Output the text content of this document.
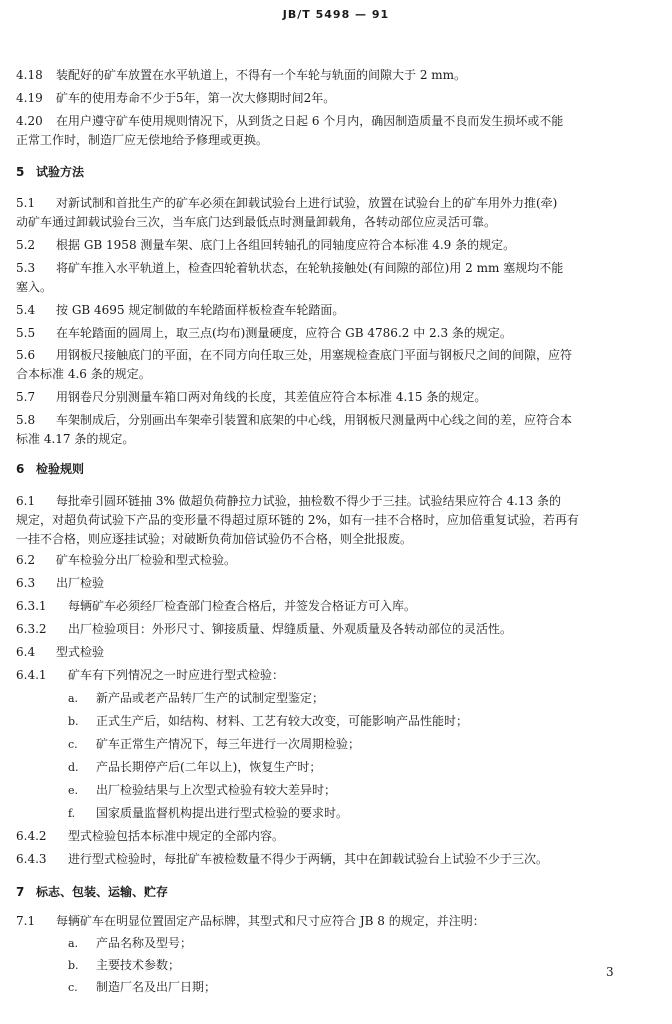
JB/T 5498 — 91
4.18 装配好的矿车放置在水平轨道上，不得有一个车轮与轨面的间隙大于 2 mm。
4.19 矿车的使用寿命不少于5年，第一次大修期时间2年。
4.20 在用户遵守矿车使用规则情况下，从到货之日起 6 个月内，确因制造质量不良而发生损坏或不能
正常工作时，制造厂应无偿地给予修理或更换。
5 试验方法
5.1 对新试制和首批生产的矿车必须在卸载试验台上进行试验，放置在试验台上的矿车用外力推(牵)
动矿车通过卸载试验台三次，当车底门达到最低点时测量卸载角，各转动部位应灵活可靠。
5.2 根据 GB 1958 测量车架、底门上各组回转轴孔的同轴度应符合本标准 4.9 条的规定。
5.3 将矿车推入水平轨道上，检查四轮着轨状态，在轮轨接触处(有间隙的部位)用 2 mm 塞规均不能
塞入。
5.4 按 GB 4695 规定制做的车轮踏面样板检查车轮踏面。
5.5 在车轮踏面的圆周上，取三点(均布)测量硬度，应符合 GB 4786.2 中 2.3 条的规定。
5.6 用钢板尺接触底门的平面，在不同方向任取三处，用塞规检查底门平面与钢板尺之间的间隙，应符
合本标准 4.6 条的规定。
5.7 用钢卷尺分别测量车箱口两对角线的长度，其差值应符合本标准 4.15 条的规定。
5.8 车架制成后，分别画出车架牵引装置和底架的中心线，用钢板尺测量两中心线之间的差，应符合本
标准 4.17 条的规定。
6 检验规则
6.1 每批牵引圆环链抽 3% 做超负荷静拉力试验，抽检数不得少于三挂。试验结果应符合 4.13 条的
规定，对超负荷试验下产品的变形量不得超过原环链的 2%，如有一挂不合格时，应加倍重复试验，若再有
一挂不合格，则应逐挂试验；对破断负荷加倍试验仍不合格，则全批报废。
6.2 矿车检验分出厂检验和型式检验。
6.3 出厂检验
6.3.1 每辆矿车必须经厂检查部门检查合格后，并签发合格证方可入库。
6.3.2 出厂检验项目：外形尺寸、铆接质量、焊缝质量、外观质量及各转动部位的灵活性。
6.4 型式检验
6.4.1 矿车有下列情况之一时应进行型式检验：
a. 新产品或老产品转厂生产的试制定型鉴定；
b. 正式生产后，如结构、材料、工艺有较大改变，可能影响产品性能时；
c. 矿车正常生产情况下，每三年进行一次周期检验；
d. 产品长期停产后(二年以上)，恢复生产时；
e. 出厂检验结果与上次型式检验有较大差异时；
f. 国家质量监督机构提出进行型式检验的要求时。
6.4.2 型式检验包括本标准中规定的全部内容。
6.4.3 进行型式检验时，每批矿车被检数量不得少于两辆，其中在卸载试验台上试验不少于三次。
7 标志、包装、运输、贮存
7.1 每辆矿车在明显位置固定产品标牌，其型式和尺寸应符合 JB 8 的规定，并注明：
a. 产品名称及型号；
b. 主要技术参数；
c. 制造厂名及出厂日期；
3
